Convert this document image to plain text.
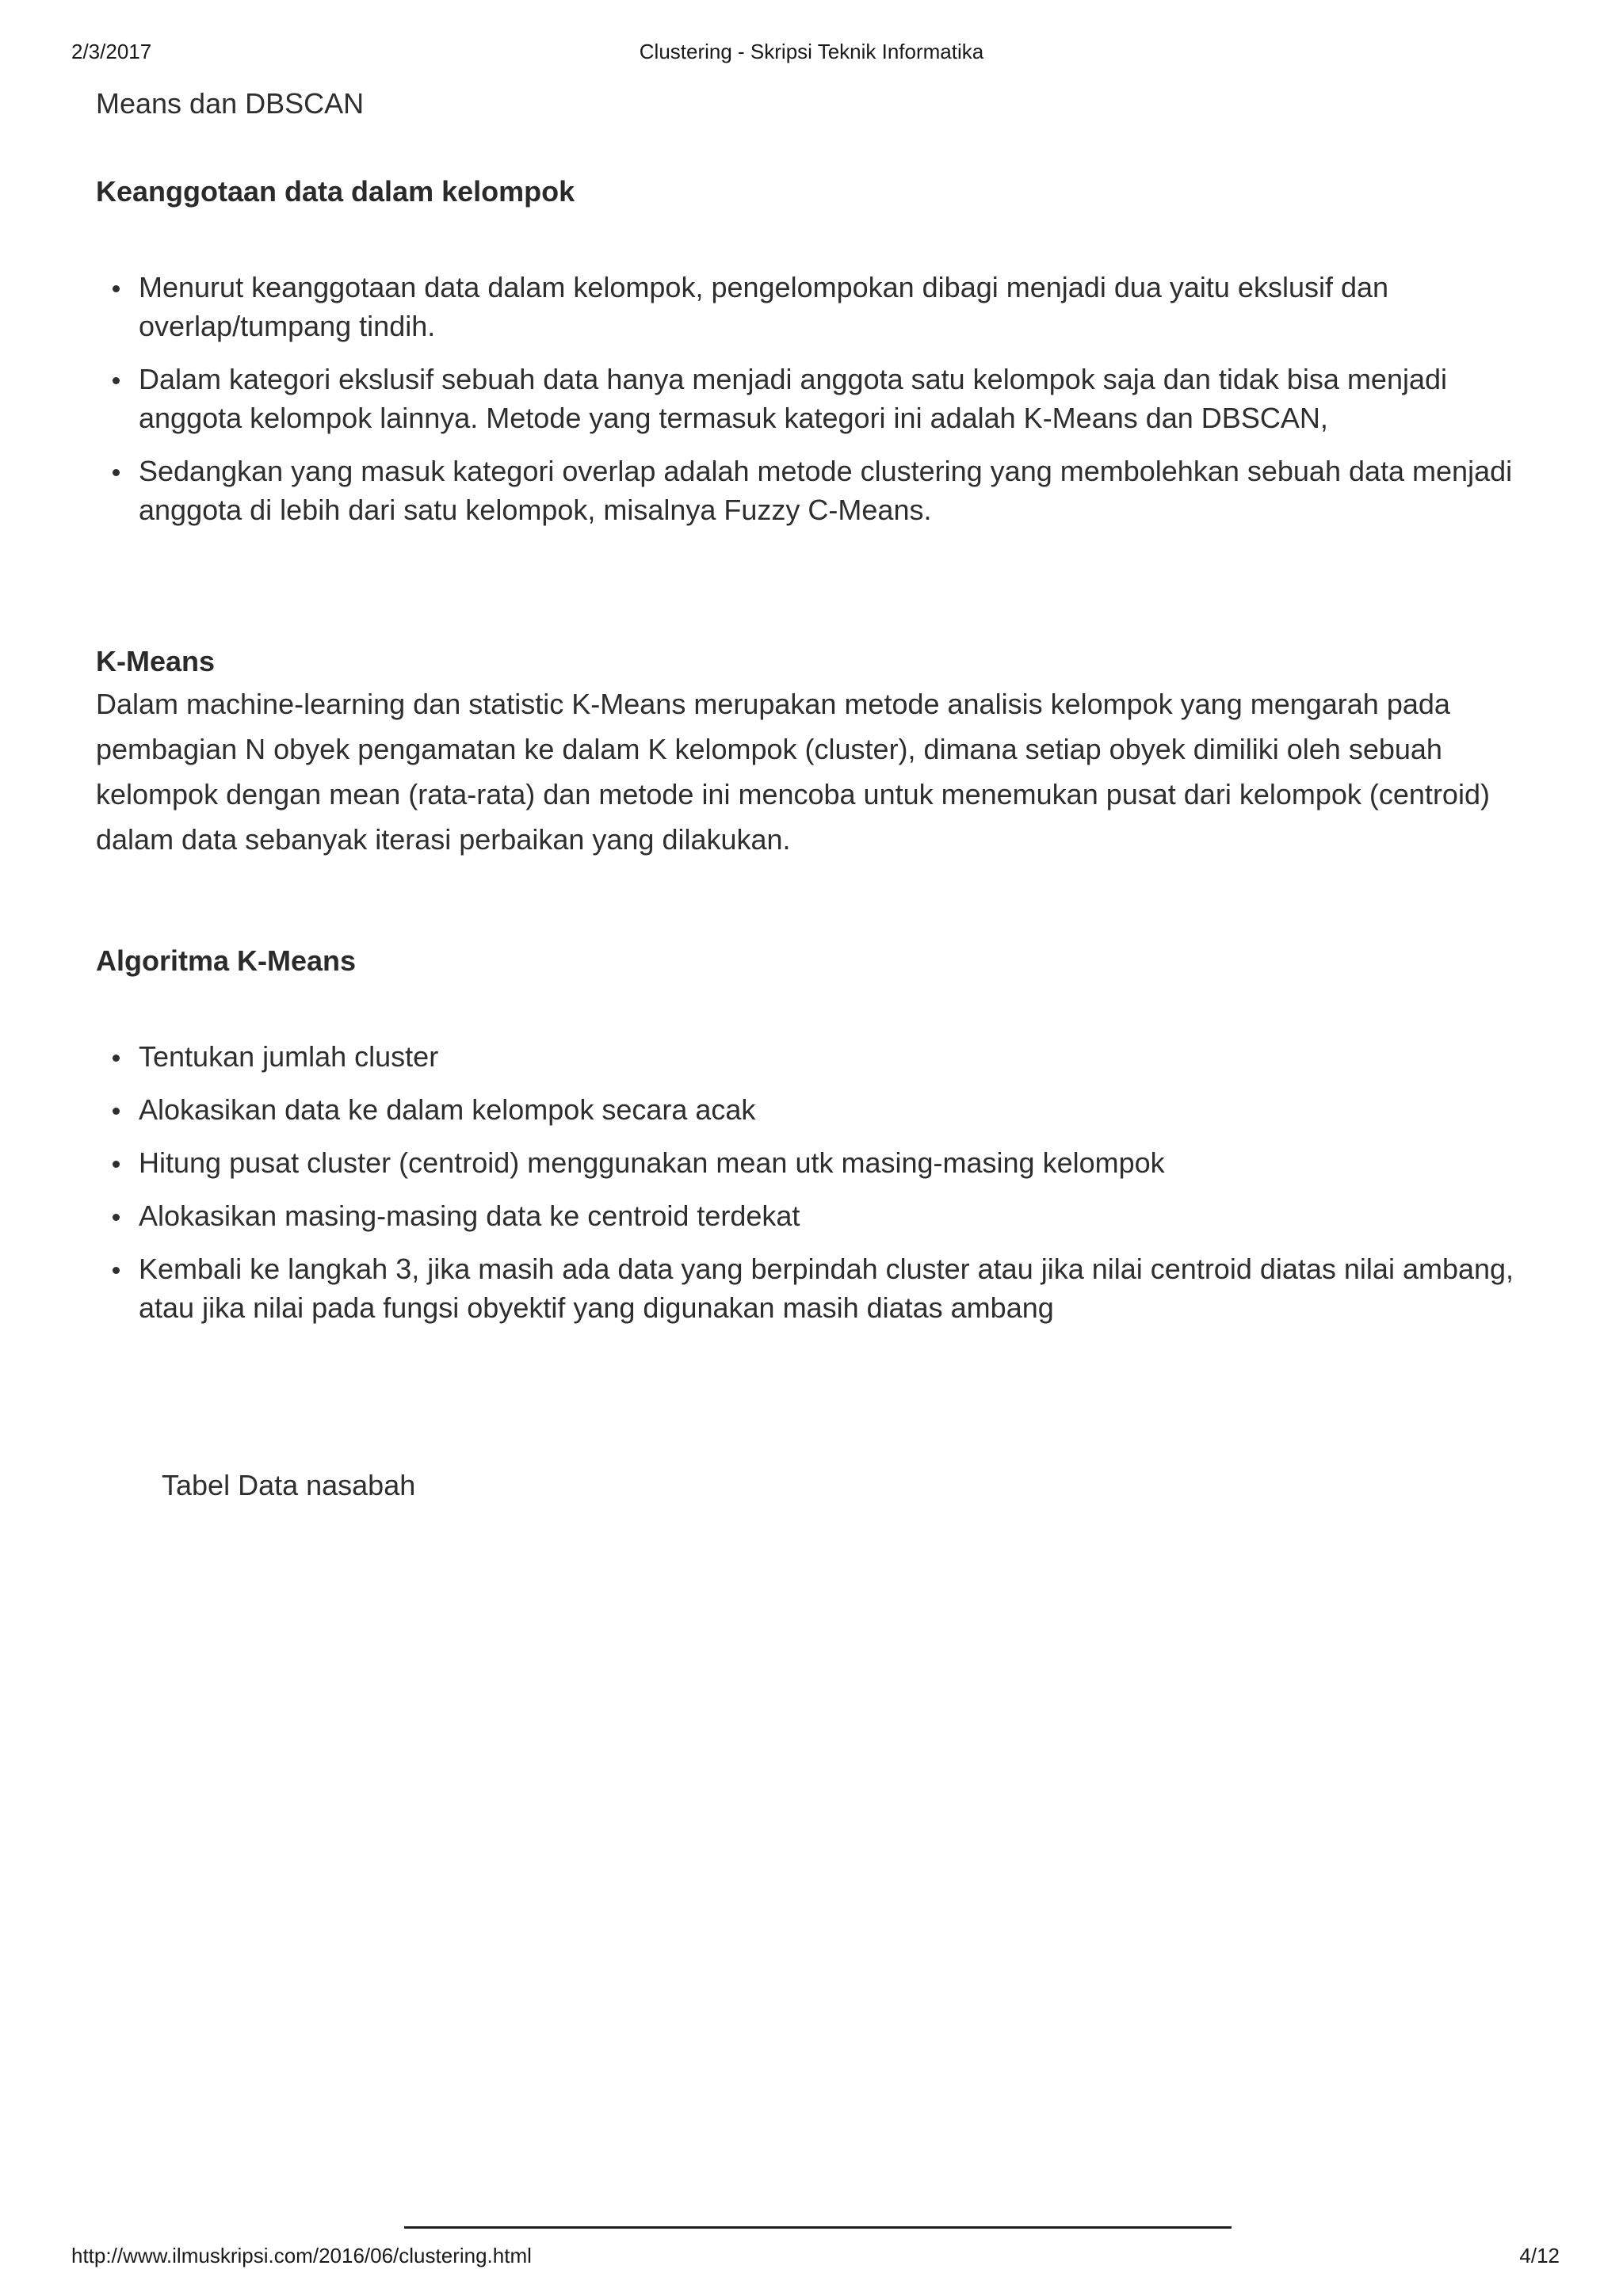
2/3/2017	Clustering - Skripsi Teknik Informatika

Means dan DBSCAN

Keanggotaan data dalam kelompok
Menurut keanggotaan data dalam kelompok, pengelompokan dibagi menjadi dua yaitu ekslusif dan overlap/tumpang tindih.
Dalam kategori ekslusif sebuah data hanya menjadi anggota satu kelompok saja dan tidak bisa menjadi anggota kelompok lainnya. Metode yang termasuk kategori ini adalah K-Means dan DBSCAN,
Sedangkan yang masuk kategori overlap adalah metode clustering yang membolehkan sebuah data menjadi anggota di lebih dari satu kelompok, misalnya Fuzzy C-Means.
K-Means

Dalam machine-learning dan statistic K-Means merupakan metode analisis kelompok yang mengarah pada pembagian N obyek pengamatan ke dalam K kelompok (cluster), dimana setiap obyek dimiliki oleh sebuah kelompok dengan mean (rata-rata) dan metode ini mencoba untuk menemukan pusat dari kelompok (centroid) dalam data sebanyak iterasi perbaikan yang dilakukan.

Algoritma K-Means
Tentukan jumlah cluster
Alokasikan data ke dalam kelompok secara acak
Hitung pusat cluster (centroid) menggunakan mean utk masing-masing kelompok
Alokasikan masing-masing data ke centroid terdekat
Kembali ke langkah 3, jika masih ada data yang berpindah cluster atau jika nilai centroid diatas nilai ambang, atau jika nilai pada fungsi obyektif yang digunakan masih diatas ambang

Tabel Data nasabah

http://www.ilmuskripsi.com/2016/06/clustering.html	4/12
